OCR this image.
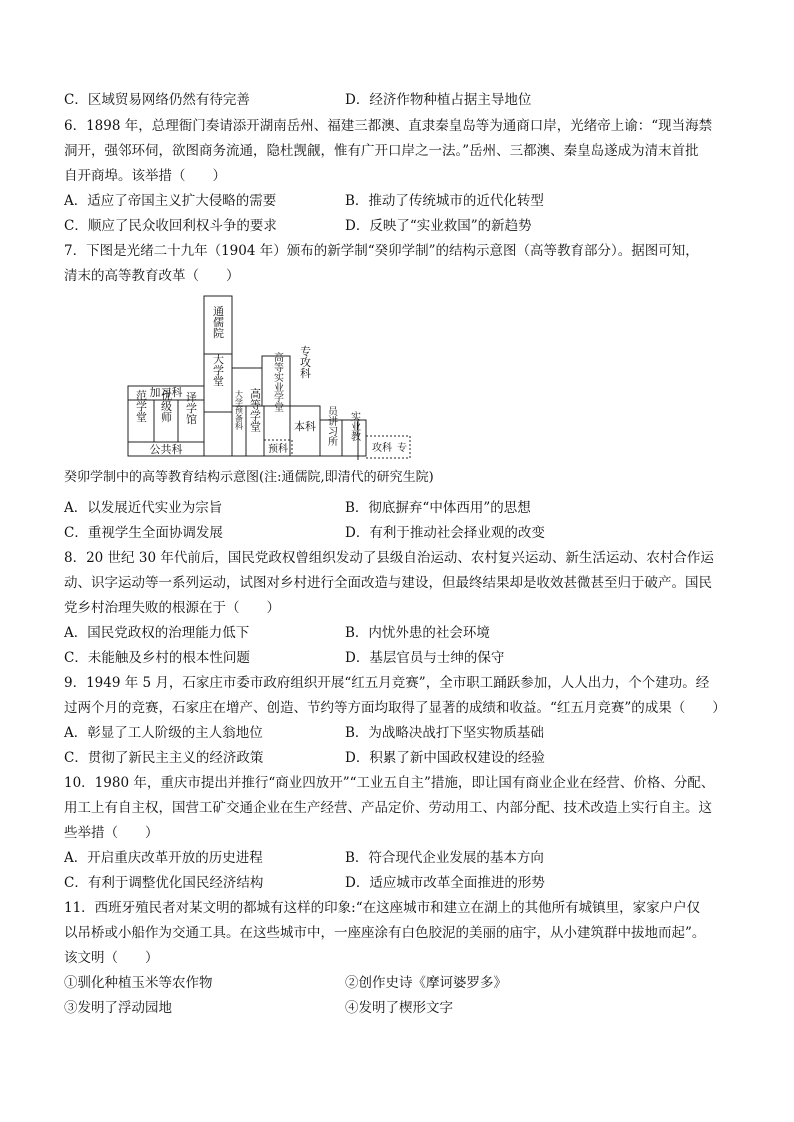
C．区域贸易网络仍然有待完善	D．经济作物种植占据主导地位
6．1898 年，总理衙门奏请添开湖南岳州、福建三都澳、直隶秦皇岛等为通商口岸，光绪帝上谕：“现当海禁
洞开，强邻环伺，欲图商务流通，隐杜觊觎，惟有广开口岸之一法。”岳州、三都澳、秦皇岛遂成为清末首批
自开商埠。该举措（　　）
A．适应了帝国主义扩大侵略的需要	B．推动了传统城市的近代化转型
C．顺应了民众收回利权斗争的要求	D．反映了“实业救国”的新趋势
7．下图是光绪二十九年（1904 年）颁布的新学制“癸卯学制”的结构示意图（高等教育部分）。据图可知，
清末的高等教育改革（　　）
通儒院
大学堂
加习科
范学堂 优级师
公共科
译学馆	大学预备科 高等学堂 高等实业学堂 专攻科
本科
预科
员讲习所 实业教
攻科 专
癸卯学制中的高等教育结构示意图(注:通儒院,即清代的研究生院)
A．以发展近代实业为宗旨	B．彻底摒弃“中体西用”的思想
C．重视学生全面协调发展	D．有利于推动社会择业观的改变
8．20 世纪 30 年代前后，国民党政权曾组织发动了县级自治运动、农村复兴运动、新生活运动、农村合作运
动、识字运动等一系列运动，试图对乡村进行全面改造与建设，但最终结果却是收效甚微甚至归于破产。国民
党乡村治理失败的根源在于（　　）
A．国民党政权的治理能力低下	B．内忧外患的社会环境
C．未能触及乡村的根本性问题	D．基层官员与士绅的保守
9．1949 年 5 月，石家庄市委市政府组织开展“红五月竞赛”，全市职工踊跃参加，人人出力，个个建功。经
过两个月的竞赛，石家庄在增产、创造、节约等方面均取得了显著的成绩和收益。“红五月竞赛”的成果（　　）
A．彰显了工人阶级的主人翁地位	B．为战略决战打下坚实物质基础
C．贯彻了新民主主义的经济政策	D．积累了新中国政权建设的经验
10．1980 年，重庆市提出并推行“商业四放开”“工业五自主”措施，即让国有商业企业在经营、价格、分配、
用工上有自主权，国营工矿交通企业在生产经营、产品定价、劳动用工、内部分配、技术改造上实行自主。这
些举措（　　）
A．开启重庆改革开放的历史进程	B．符合现代企业发展的基本方向
C．有利于调整优化国民经济结构	D．适应城市改革全面推进的形势
11．西班牙殖民者对某文明的都城有这样的印象:“在这座城市和建立在湖上的其他所有城镇里，家家户户仅
以吊桥或小船作为交通工具。在这些城市中，一座座涂有白色胶泥的美丽的庙宇，从小建筑群中拔地而起”。
该文明（　　）
①驯化种植玉米等农作物	②创作史诗《摩诃婆罗多》
③发明了浮动园地	④发明了楔形文字
